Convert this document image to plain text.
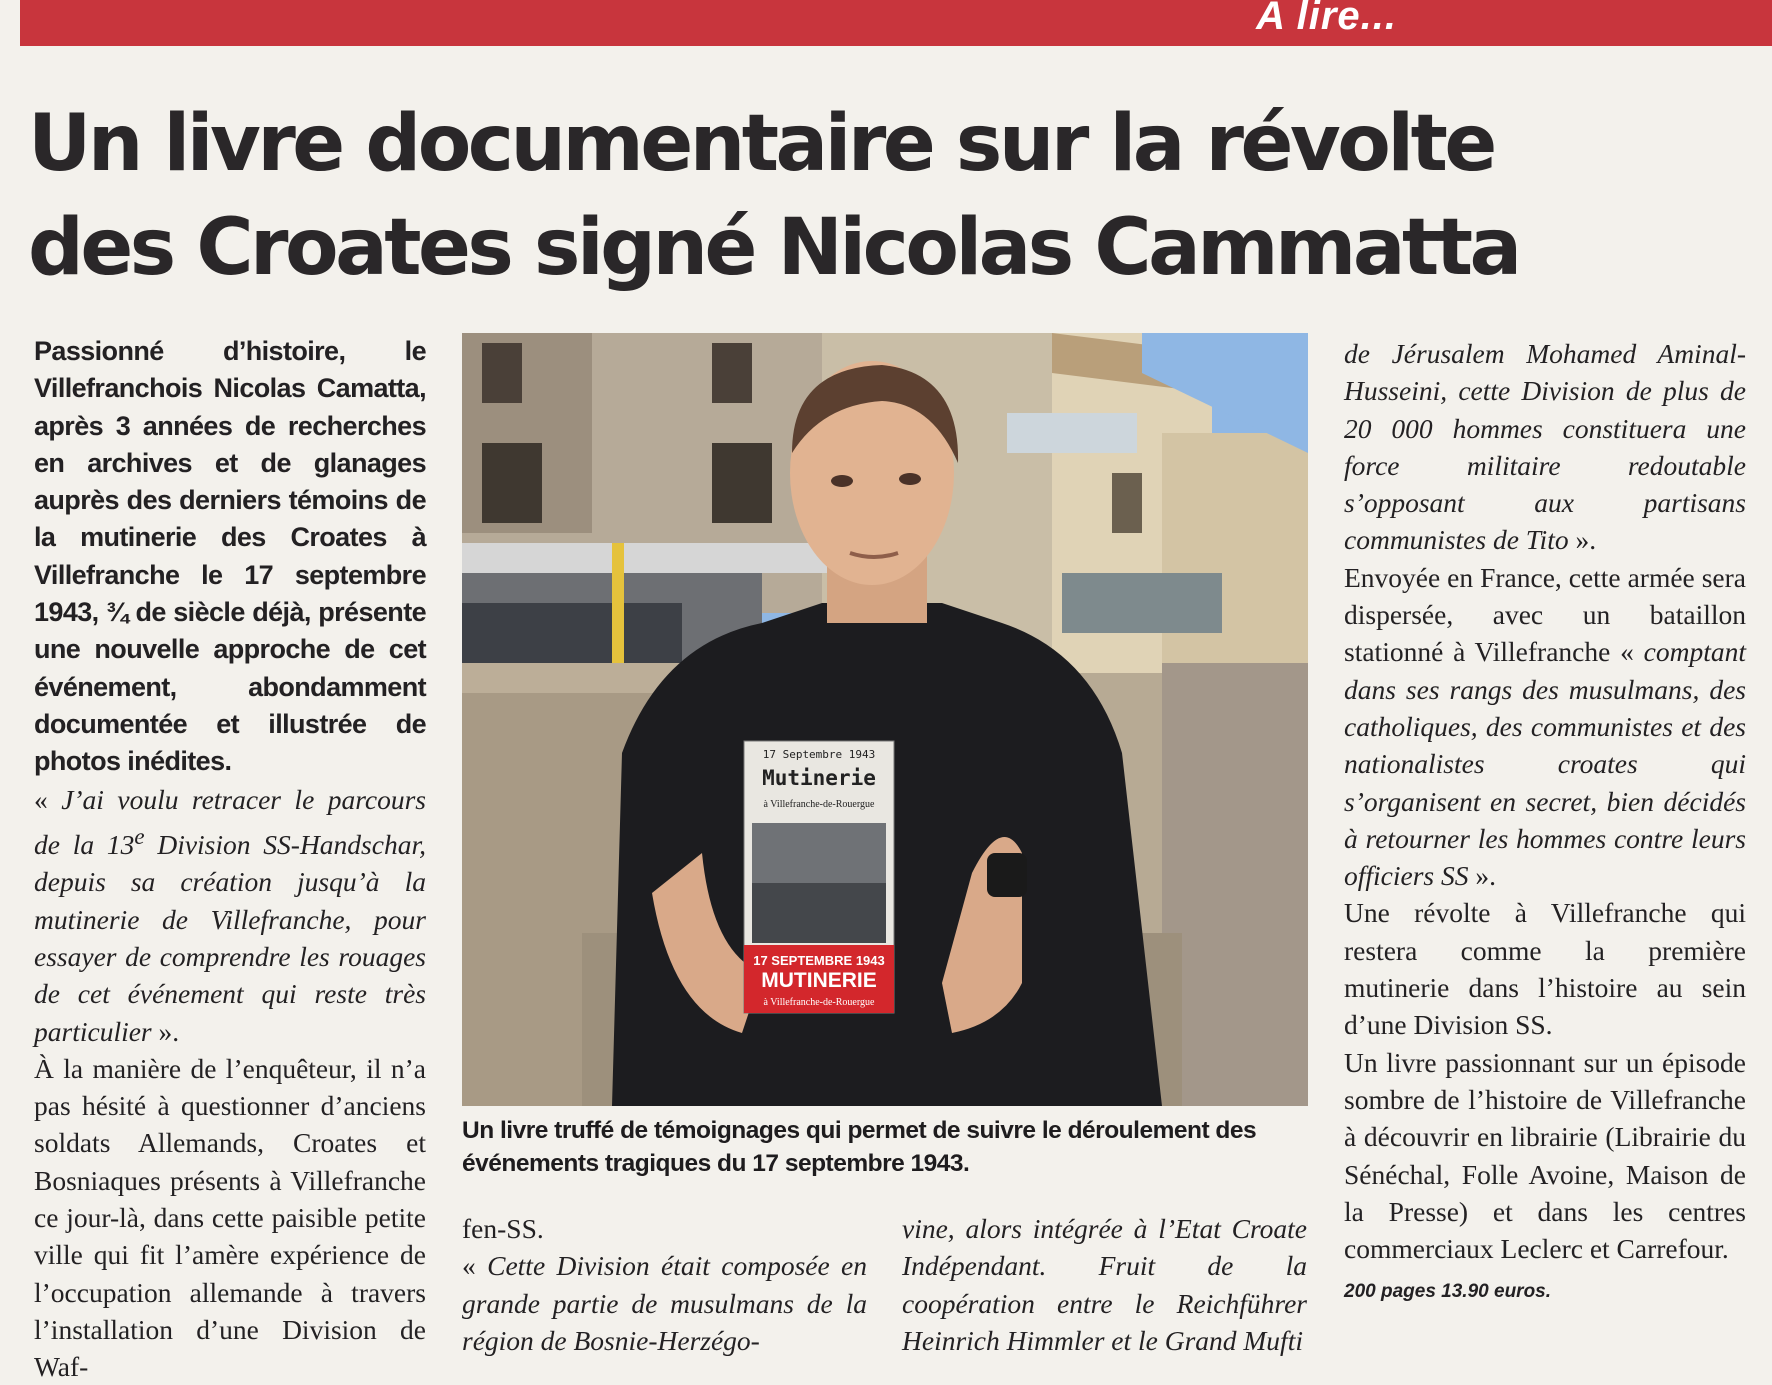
A lire...
Un livre documentaire sur la révolte
des Croates signé Nicolas Cammatta

Passionné d’histoire, le Villefranchois Nicolas Camatta, après 3 années de recherches en archives et de glanages auprès des derniers témoins de la mutinerie des Croates à Villefranche le 17 septembre 1943, ¾ de siècle déjà, présente une nouvelle approche de cet événement, abondamment documentée et illustrée de photos inédites.

« J’ai voulu retracer le parcours de la 13e Division SS-Handschar, depuis sa création jusqu’à la mutinerie de Villefranche, pour essayer de comprendre les rouages de cet événement qui reste très particulier ».

À la manière de l’enquêteur, il n’a pas hésité à questionner d’anciens soldats Allemands, Croates et Bosniaques présents à Villefranche ce jour-là, dans cette paisible petite ville qui fit l’amère expérience de l’occupation allemande à travers l’installation d’une Division de Waf-

17 Septembre 1943
Mutinerie
à Villefranche-de-Rouergue
17 SEPTEMBRE 1943
MUTINERIE
à Villefranche-de-Rouergue

Un livre truffé de témoignages qui permet de suivre le déroulement des événements tragiques du 17 septembre 1943.

fen-SS.

« Cette Division était composée en grande partie de musulmans de la région de Bosnie-Herzégo-

vine, alors intégrée à l’Etat Croate Indépendant. Fruit de la coopération entre le Reichführer Heinrich Himmler et le Grand Mufti

de Jérusalem Mohamed Aminal-Husseini, cette Division de plus de 20 000 hommes constituera une force militaire redoutable s’opposant aux partisans communistes de Tito ».

Envoyée en France, cette armée sera dispersée, avec un bataillon stationné à Villefranche « comptant dans ses rangs des musulmans, des catholiques, des communistes et des nationalistes croates qui s’organisent en secret, bien décidés à retourner les hommes contre leurs officiers SS ».

Une révolte à Villefranche qui restera comme la première mutinerie dans l’histoire au sein d’une Division SS.

Un livre passionnant sur un épisode sombre de l’histoire de Villefranche à découvrir en librairie (Librairie du Sénéchal, Folle Avoine, Maison de la Presse) et dans les centres commerciaux Leclerc et Carrefour.

200 pages 13.90 euros.
